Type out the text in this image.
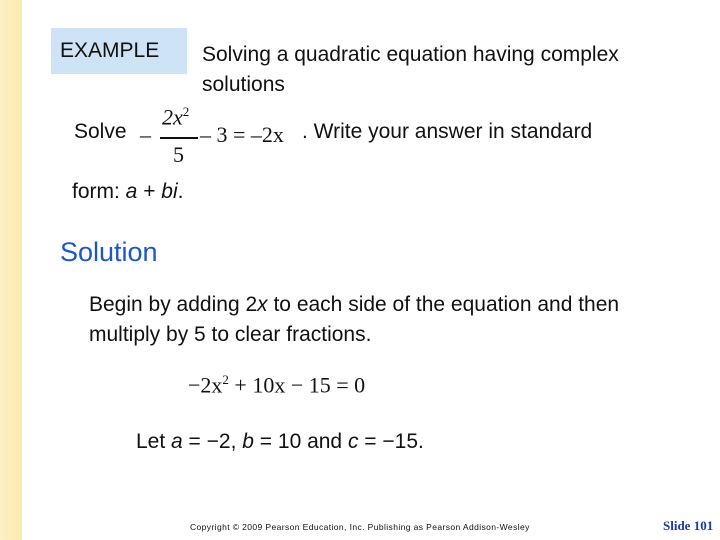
EXAMPLE Solving a quadratic equation having complex solutions
Solve –
$2x^2$
5
– 3 = –2x . Write your answer in standard
form: a + bi.
Solution
Begin by adding 2x to each side of the equation and then multiply by 5 to clear fractions.
$-2x^2 + 10x - 15 = 0$
Let a = −2, b = 10 and c = −15.
Copyright © 2009 Pearson Education, Inc. Publishing as Pearson Addison-Wesley	Slide 101
